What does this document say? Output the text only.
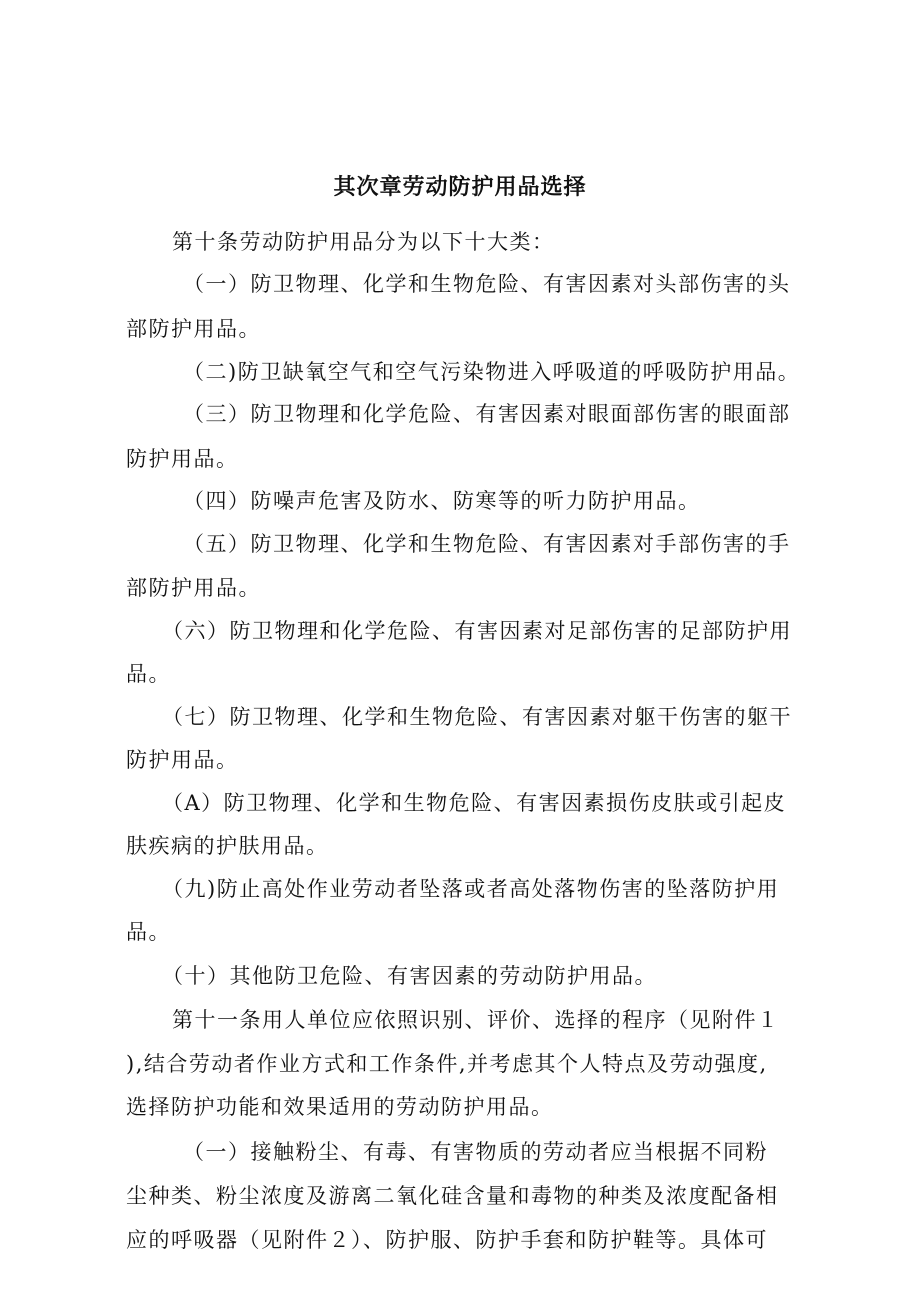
其次章劳动防护用品选择
第十条劳动防护用品分为以下十大类：
（一）防卫物理、化学和生物危险、有害因素对头部伤害的头
部防护用品。
（二)防卫缺氧空气和空气污染物进入呼吸道的呼吸防护用品。
（三）防卫物理和化学危险、有害因素对眼面部伤害的眼面部
防护用品。
（四）防噪声危害及防水、防寒等的听力防护用品。
（五）防卫物理、化学和生物危险、有害因素对手部伤害的手
部防护用品。
（六）防卫物理和化学危险、有害因素对足部伤害的足部防护用
品。
（七）防卫物理、化学和生物危险、有害因素对躯干伤害的躯干
防护用品。
（A）防卫物理、化学和生物危险、有害因素损伤皮肤或引起皮
肤疾病的护肤用品。
（九)防止高处作业劳动者坠落或者高处落物伤害的坠落防护用
品。
（十）其他防卫危险、有害因素的劳动防护用品。
第十一条用人单位应依照识别、评价、选择的程序（见附件１
),结合劳动者作业方式和工作条件,并考虑其个人特点及劳动强度,
选择防护功能和效果适用的劳动防护用品。
（一）接触粉尘、有毒、有害物质的劳动者应当根据不同粉
尘种类、粉尘浓度及游离二氧化硅含量和毒物的种类及浓度配备相
应的呼吸器（见附件２）、防护服、防护手套和防护鞋等。具体可
